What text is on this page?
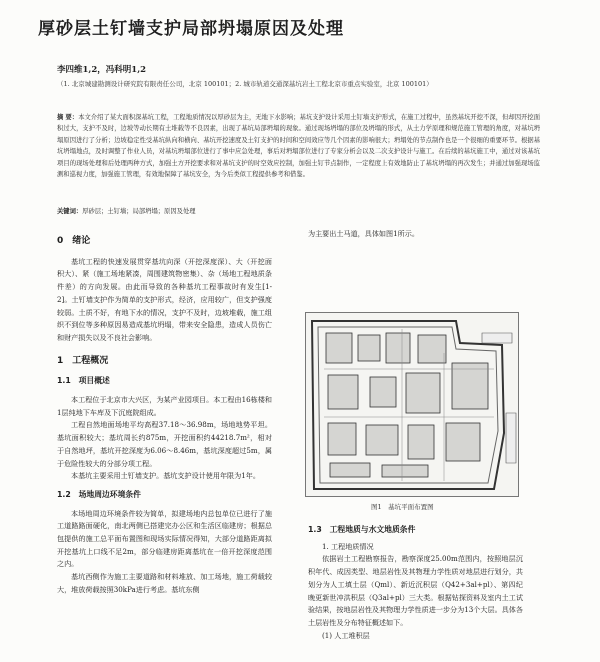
厚砂层土钉墙支护局部坍塌原因及处理
李四维1,2，冯科明1,2
（1. 北京城建勘测设计研究院有限责任公司，北京 100101；2. 城市轨道交通深基坑岩土工程北京市重点实验室，北京 100101）
摘 要：本文介绍了某大面积深基坑工程，工程地质情况以厚砂层为主，无地下水影响；基坑支护设计采用土钉墙支护形式，在施工过程中，虽然基坑开挖不深，但却因开挖面积过大，支护不及时，边坡等动长期有土堆载等不良因素，出现了基坑局部坍塌的现象。通过现场坍塌的部位及坍塌的形式，从土力学原理和规范施工管理的角度，对基坑坍塌原因进行了分析；边坡稳定性受基坑纵向和横向、基坑开挖速度及土钉支护的时间和空间效应等几个因素的影响很大；坍塌处的节点制作也是一个很细的重要环节。根据基坑坍塌地点，及时调整了作业人员，对基坑坍塌部位进行了事中应急处理，事后对坍塌部位进行了专家分析会以及二次支护设计与施工。在后续的基坑施工中，通过对该基坑项目的现场处理和后处理两种方式，加强土方开挖要求和对基坑支护的时空效应控制，加强土钉节点制作，一定程度上有效地防止了基坑坍塌的再次发生；并通过加强现场监测和巡视力度，加强施工管理，有效地保障了基坑安全，为今后类似工程提供参考和借鉴。
关键词：厚砂层；土钉墙；局部坍塌；原因及处理
0　绪论

基坑工程的快速发展贯穿基坑向深（开挖深度深）、大（开挖面积大）、紧（施工场地紧凑，周围建筑物密集）、杂（场地工程地质条件差）的方向发展。由此而导致的各种基坑工程事故时有发生[1-2]。土钉墙支护作为简单的支护形式，经济，应用较广，但支护强度较弱。土质不好，有地下水的情况，支护不及时，边坡堆载，施工组织不到位等多种原因易造成基坑坍塌，带来安全隐患，造成人员伤亡和财产损失以及不良社会影响。

1　工程概况
1.1　项目概述

本工程位于北京市大兴区，为某产业园项目。本工程由16栋楼和1层纯地下车库及下沉庭院组成。

工程自然地面场地平均高程37.18～36.98m，场地地势平坦。基坑面积较大；基坑周长约875m，开挖面积约44218.7m²，相对于自然地坪，基坑开挖深度为6.06～8.46m，基坑深度超过5m，属于危险性较大的分部分项工程。

本基坑主要采用土钉墙支护。基坑支护设计使用年限为1年。

1.2　场地周边环境条件

本场地周边环境条件较为简单，拟建场地内总包单位已进行了施工道路路面硬化，南北两侧已搭建完办公区和生活区临建房；根据总包提供的施工总平面布置图和现场实际情况得知，大部分道路距离拟开挖基坑上口线不足2m，部分临建房距离基坑在一倍开挖深度范围之内。

基坑西侧作为施工主要道路和材料堆放、加工场地，施工荷载较大，堆放荷载按照30kPa进行考虑。基坑东侧

为主要出土马道，具体如图1所示。

图1　基坑平面布置图
1.3　工程地质与水文地质条件

1. 工程地质情况

依据岩土工程勘察报告，勘察深度25.00m范围内，按照地层沉积年代、成因类型、地层岩性及其物理力学性质对地层进行划分，共划分为人工填土层（Qml）、新近沉积层（Q42+3al+pl）、第四纪晚更新世冲洪积层（Q3al+pl）三大类。根据钻探资料及室内土工试验结果，按地层岩性及其物理力学性质进一步分为13个大层。具体各土层岩性及分布特征概述如下。

(1) 人工堆积层
